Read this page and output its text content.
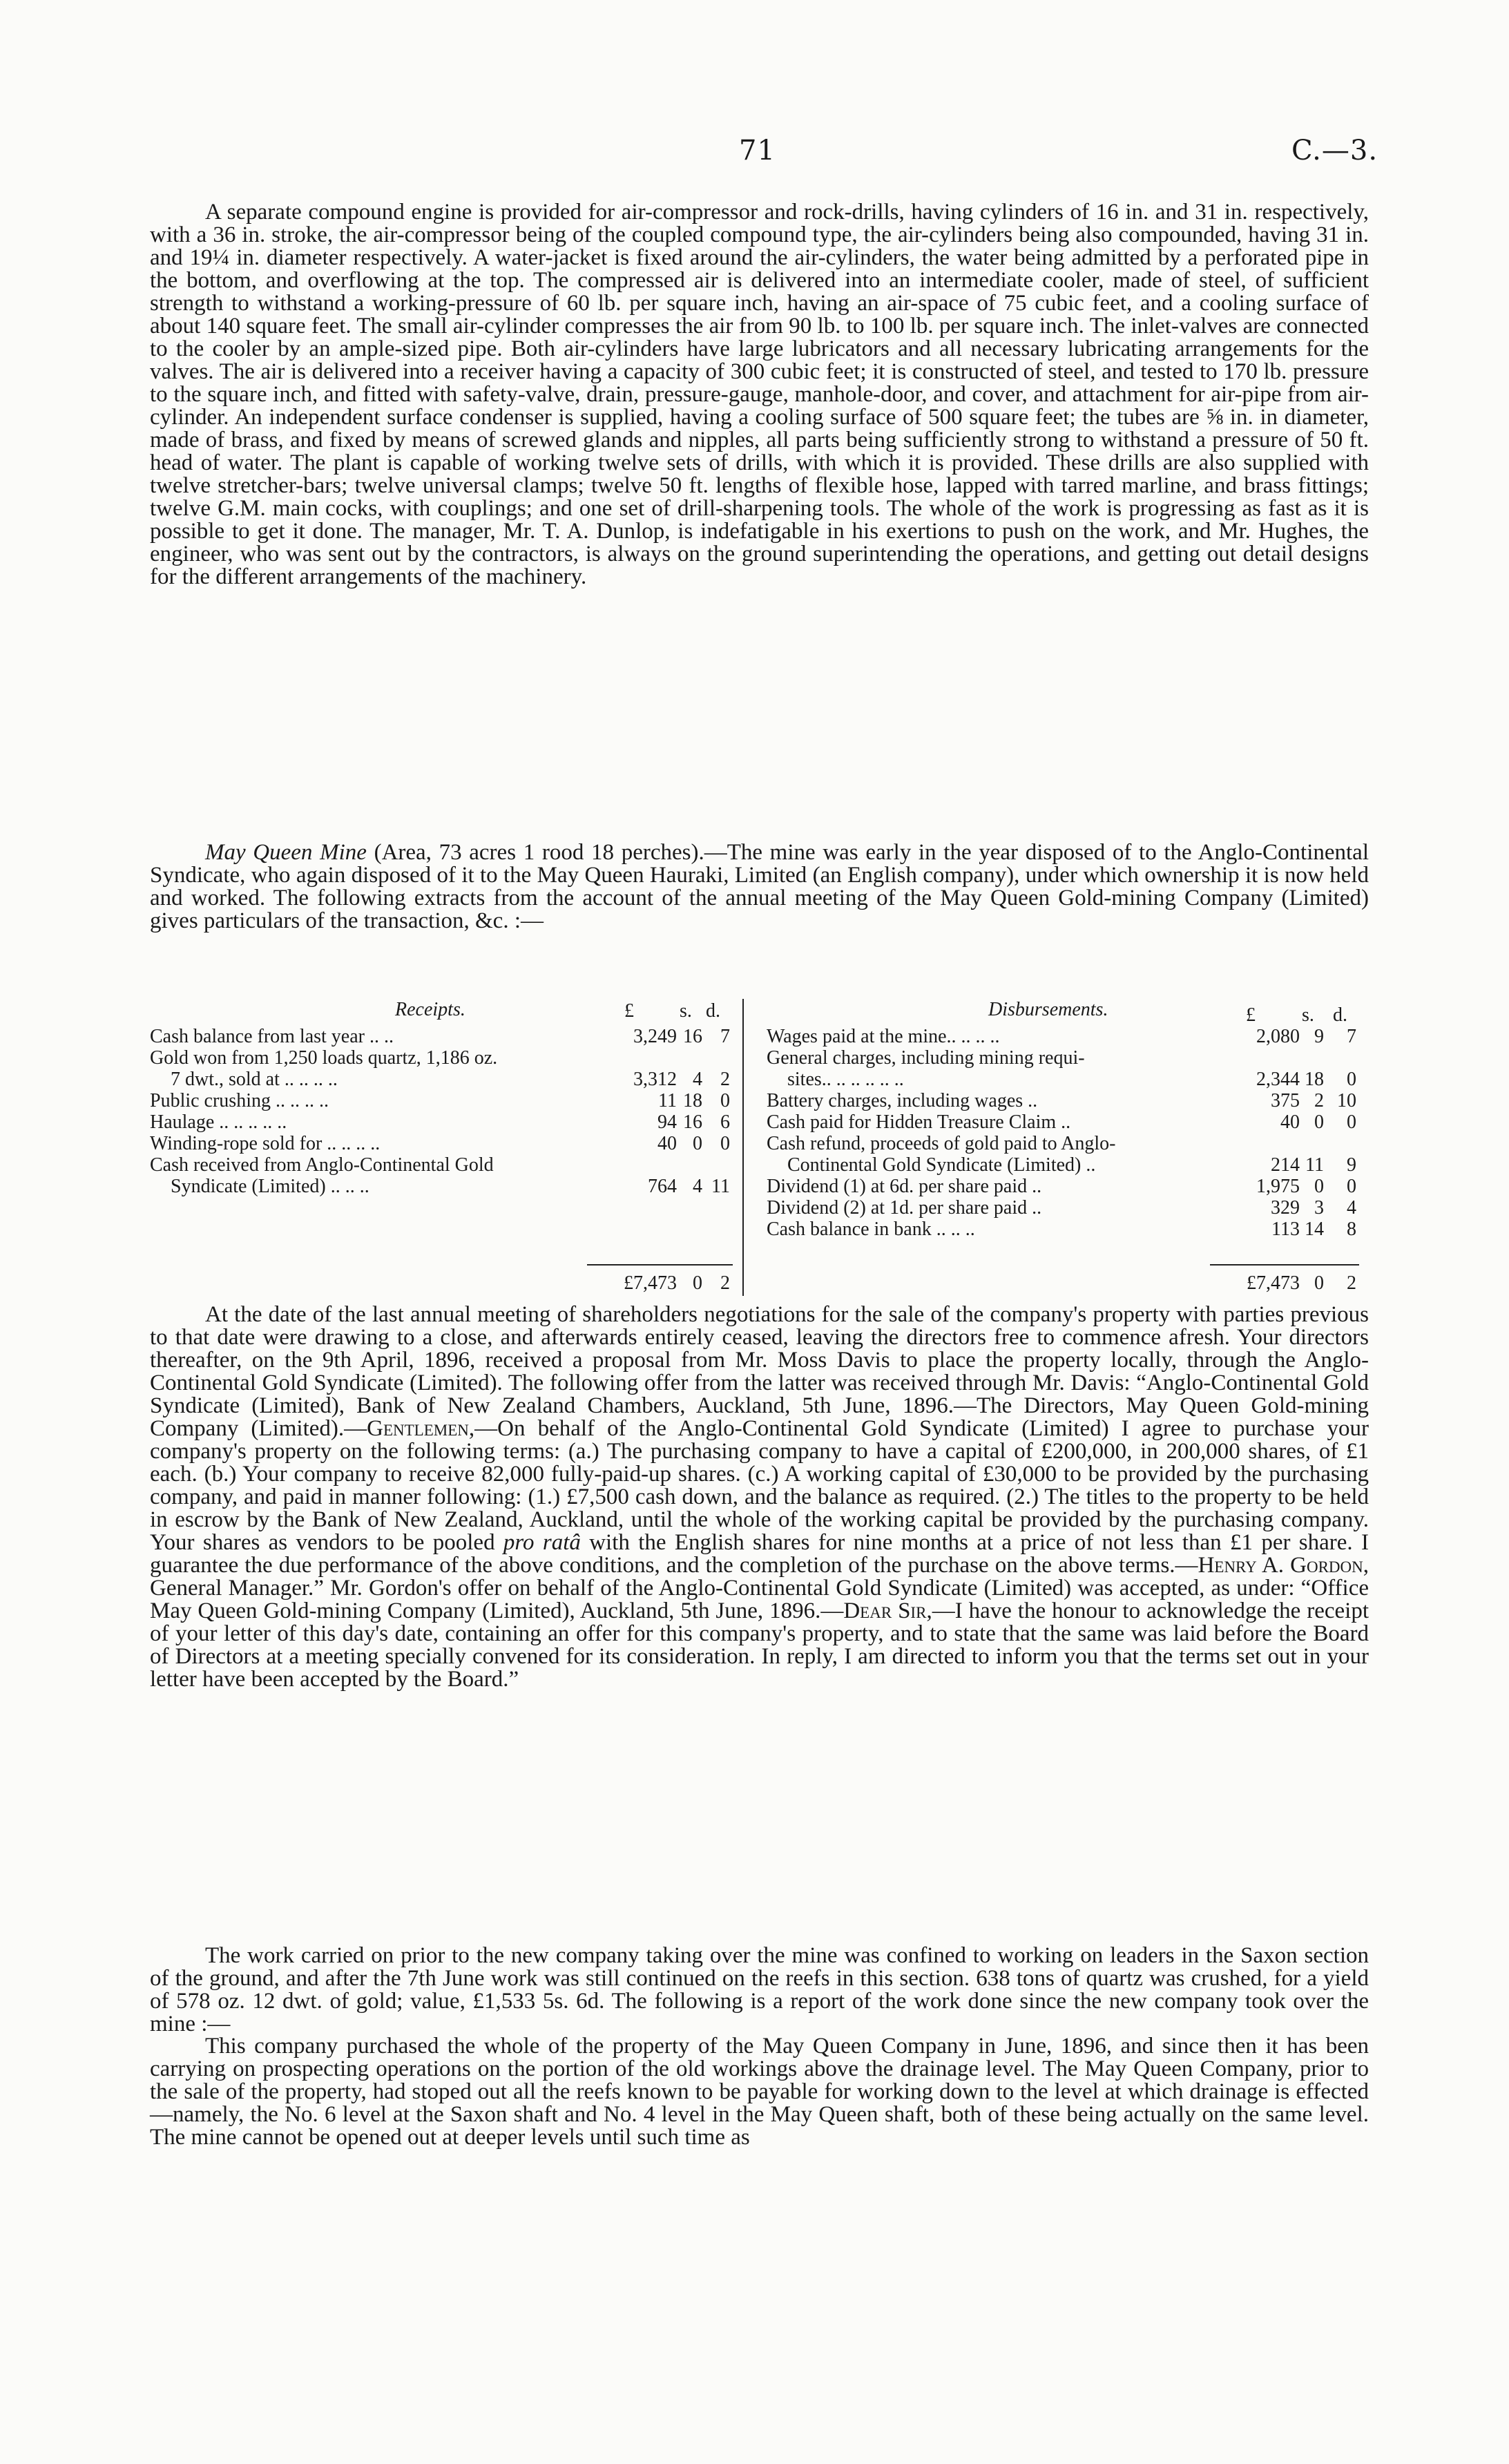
71	C.—3.

A separate compound engine is provided for air-compressor and rock-drills, having cylinders of 16 in. and 31 in. respectively, with a 36 in. stroke, the air-compressor being of the coupled compound type, the air-cylinders being also compounded, having 31 in. and 19¼ in. diameter respectively. A water-jacket is fixed around the air-cylinders, the water being admitted by a perforated pipe in the bottom, and overflowing at the top. The compressed air is delivered into an intermediate cooler, made of steel, of sufficient strength to withstand a working-pressure of 60 lb. per square inch, having an air-space of 75 cubic feet, and a cooling surface of about 140 square feet. The small air-cylinder compresses the air from 90 lb. to 100 lb. per square inch. The inlet-valves are connected to the cooler by an ample-sized pipe. Both air-cylinders have large lubricators and all necessary lubricating arrangements for the valves. The air is delivered into a receiver having a capacity of 300 cubic feet; it is constructed of steel, and tested to 170 lb. pressure to the square inch, and fitted with safety-valve, drain, pressure-gauge, manhole-door, and cover, and attachment for air-pipe from air-cylinder. An independent surface condenser is supplied, having a cooling surface of 500 square feet; the tubes are ⅝ in. in diameter, made of brass, and fixed by means of screwed glands and nipples, all parts being sufficiently strong to withstand a pressure of 50 ft. head of water. The plant is capable of working twelve sets of drills, with which it is provided. These drills are also supplied with twelve stretcher-bars; twelve universal clamps; twelve 50 ft. lengths of flexible hose, lapped with tarred marline, and brass fittings; twelve G.M. main cocks, with couplings; and one set of drill-sharpening tools. The whole of the work is progressing as fast as it is possible to get it done. The manager, Mr. T. A. Dunlop, is indefatigable in his exertions to push on the work, and Mr. Hughes, the engineer, who was sent out by the contractors, is always on the ground superintending the operations, and getting out detail designs for the different arrangements of the machinery.

May Queen Mine (Area, 73 acres 1 rood 18 perches).—The mine was early in the year disposed of to the Anglo-Continental Syndicate, who again disposed of it to the May Queen Hauraki, Limited (an English company), under which ownership it is now held and worked. The following extracts from the account of the annual meeting of the May Queen Gold-mining Company (Limited) gives particulars of the transaction, &c. :—

Receipts.	£ s. d.
Cash balance from last year .. ..	3,249 16 7
Gold won from 1,250 loads quartz, 1,186 oz.
7 dwt., sold at .. .. .. ..	3,312 4 2
Public crushing .. .. .. ..	11 18 0
Haulage .. .. .. .. ..	94 16 6
Winding-rope sold for .. .. .. ..	40 0 0
Cash received from Anglo-Continental Gold
Syndicate (Limited) .. .. ..	764 4 11
£7,473 0 2
Disbursements.	£ s. d.
Wages paid at the mine.. .. .. ..	2,080 9	7
General charges, including mining requi-
sites.. .. .. .. .. ..	2,344 18	0
Battery charges, including wages ..	375 2 10
Cash paid for Hidden Treasure Claim ..	40 0	0
Cash refund, proceeds of gold paid to Anglo-
Continental Gold Syndicate (Limited) ..	214 11	9
Dividend (1) at 6d. per share paid ..	1,975 0	0
Dividend (2) at 1d. per share paid ..	329 3	4
Cash balance in bank .. .. ..	113 14	8
£7,473 0	2

At the date of the last annual meeting of shareholders negotiations for the sale of the company's property with parties previous to that date were drawing to a close, and afterwards entirely ceased, leaving the directors free to commence afresh. Your directors thereafter, on the 9th April, 1896, received a proposal from Mr. Moss Davis to place the property locally, through the Anglo-Continental Gold Syndicate (Limited). The following offer from the latter was received through Mr. Davis: “Anglo-Continental Gold Syndicate (Limited), Bank of New Zealand Chambers, Auckland, 5th June, 1896.—The Directors, May Queen Gold-mining Company (Limited).—Gentlemen,—On behalf of the Anglo-Continental Gold Syndicate (Limited) I agree to purchase your company's property on the following terms: (a.) The purchasing company to have a capital of £200,000, in 200,000 shares, of £1 each. (b.) Your company to receive 82,000 fully-paid-up shares. (c.) A working capital of £30,000 to be provided by the purchasing company, and paid in manner following: (1.) £7,500 cash down, and the balance as required. (2.) The titles to the property to be held in escrow by the Bank of New Zealand, Auckland, until the whole of the working capital be provided by the purchasing company. Your shares as vendors to be pooled pro ratâ with the English shares for nine months at a price of not less than £1 per share. I guarantee the due performance of the above conditions, and the completion of the purchase on the above terms.—Henry A. Gordon, General Manager.” Mr. Gordon's offer on behalf of the Anglo-Continental Gold Syndicate (Limited) was accepted, as under: “Office May Queen Gold-mining Company (Limited), Auckland, 5th June, 1896.—Dear Sir,—I have the honour to acknowledge the receipt of your letter of this day's date, containing an offer for this company's property, and to state that the same was laid before the Board of Directors at a meeting specially convened for its consideration. In reply, I am directed to inform you that the terms set out in your letter have been accepted by the Board.”

The work carried on prior to the new company taking over the mine was confined to working on leaders in the Saxon section of the ground, and after the 7th June work was still continued on the reefs in this section. 638 tons of quartz was crushed, for a yield of 578 oz. 12 dwt. of gold; value, £1,533 5s. 6d. The following is a report of the work done since the new company took over the mine :—

This company purchased the whole of the property of the May Queen Company in June, 1896, and since then it has been carrying on prospecting operations on the portion of the old workings above the drainage level. The May Queen Company, prior to the sale of the property, had stoped out all the reefs known to be payable for working down to the level at which drainage is effected—namely, the No. 6 level at the Saxon shaft and No. 4 level in the May Queen shaft, both of these being actually on the same level. The mine cannot be opened out at deeper levels until such time as
